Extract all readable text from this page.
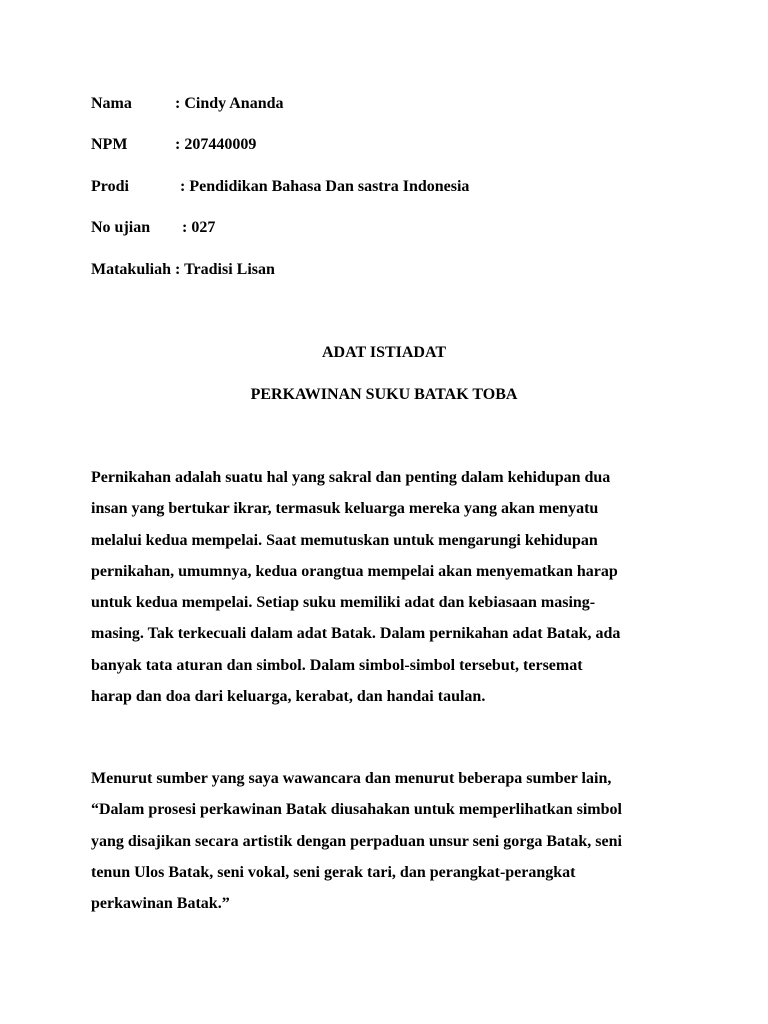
Nama	: Cindy Ananda
NPM	: 207440009
Prodi	: Pendidikan Bahasa Dan sastra Indonesia
No ujian : 027
Matakuliah : Tradisi Lisan
ADAT ISTIADAT
PERKAWINAN SUKU BATAK TOBA
Pernikahan adalah suatu hal yang sakral dan penting dalam kehidupan dua
insan yang bertukar ikrar, termasuk keluarga mereka yang akan menyatu
melalui kedua mempelai. Saat memutuskan untuk mengarungi kehidupan
pernikahan, umumnya, kedua orangtua mempelai akan menyematkan harap
untuk kedua mempelai. Setiap suku memiliki adat dan kebiasaan masing-
masing. Tak terkecuali dalam adat Batak. Dalam pernikahan adat Batak, ada
banyak tata aturan dan simbol. Dalam simbol-simbol tersebut, tersemat
harap dan doa dari keluarga, kerabat, dan handai taulan.
Menurut sumber yang saya wawancara dan menurut beberapa sumber lain,
“Dalam prosesi perkawinan Batak diusahakan untuk memperlihatkan simbol
yang disajikan secara artistik dengan perpaduan unsur seni gorga Batak, seni
tenun Ulos Batak, seni vokal, seni gerak tari, dan perangkat-perangkat
perkawinan Batak.”
